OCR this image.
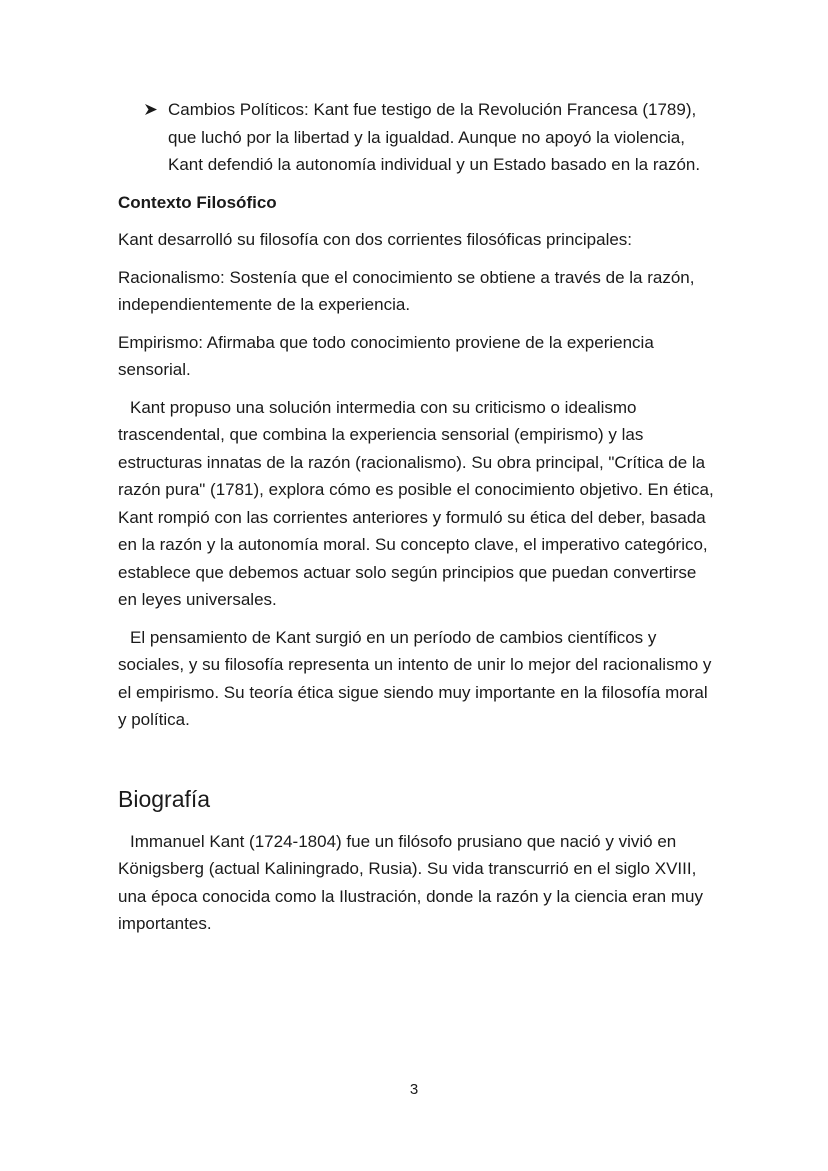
Cambios Políticos: Kant fue testigo de la Revolución Francesa (1789), que luchó por la libertad y la igualdad. Aunque no apoyó la violencia, Kant defendió la autonomía individual y un Estado basado en la razón.
Contexto Filosófico

Kant desarrolló su filosofía con dos corrientes filosóficas principales:

Racionalismo: Sostenía que el conocimiento se obtiene a través de la razón, independientemente de la experiencia.

Empirismo: Afirmaba que todo conocimiento proviene de la experiencia sensorial.

Kant propuso una solución intermedia con su criticismo o idealismo trascendental, que combina la experiencia sensorial (empirismo) y las estructuras innatas de la razón (racionalismo). Su obra principal, "Crítica de la razón pura" (1781), explora cómo es posible el conocimiento objetivo. En ética, Kant rompió con las corrientes anteriores y formuló su ética del deber, basada en la razón y la autonomía moral. Su concepto clave, el imperativo categórico, establece que debemos actuar solo según principios que puedan convertirse en leyes universales.

El pensamiento de Kant surgió en un período de cambios científicos y sociales, y su filosofía representa un intento de unir lo mejor del racionalismo y el empirismo. Su teoría ética sigue siendo muy importante en la filosofía moral y política.

Biografía

Immanuel Kant (1724-1804) fue un filósofo prusiano que nació y vivió en Königsberg (actual Kaliningrado, Rusia). Su vida transcurrió en el siglo XVIII, una época conocida como la Ilustración, donde la razón y la ciencia eran muy importantes.

3
